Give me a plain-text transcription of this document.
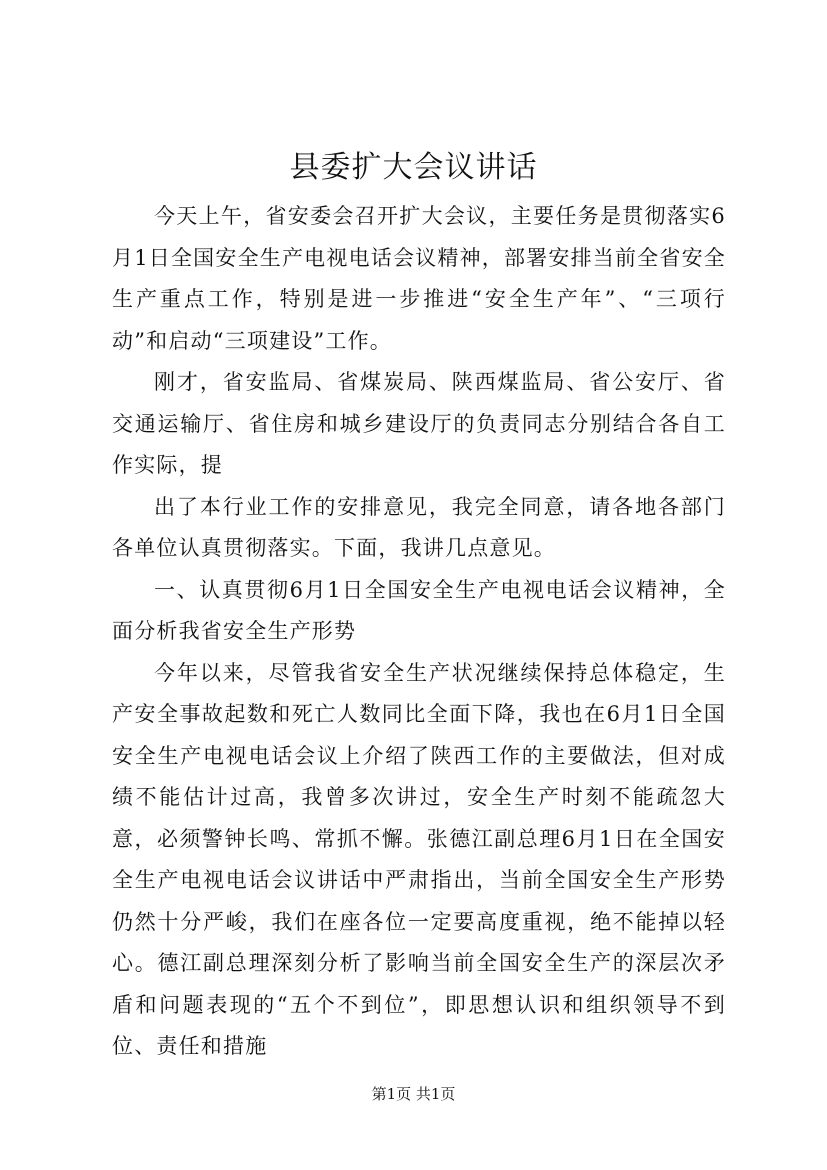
县委扩大会议讲话

今天上午，省安委会召开扩大会议，主要任务是贯彻落实6月1日全国安全生产电视电话会议精神，部署安排当前全省安全生产重点工作，特别是进一步推进“安全生产年”、“三项行动”和启动“三项建设”工作。

刚才，省安监局、省煤炭局、陕西煤监局、省公安厅、省交通运输厅、省住房和城乡建设厅的负责同志分别结合各自工作实际，提

出了本行业工作的安排意见，我完全同意，请各地各部门各单位认真贯彻落实。下面，我讲几点意见。

一、认真贯彻6月1日全国安全生产电视电话会议精神，全面分析我省安全生产形势

今年以来，尽管我省安全生产状况继续保持总体稳定，生产安全事故起数和死亡人数同比全面下降，我也在6月1日全国安全生产电视电话会议上介绍了陕西工作的主要做法，但对成绩不能估计过高，我曾多次讲过，安全生产时刻不能疏忽大意，必须警钟长鸣、常抓不懈。张德江副总理6月1日在全国安全生产电视电话会议讲话中严肃指出，当前全国安全生产形势仍然十分严峻，我们在座各位一定要高度重视，绝不能掉以轻心。德江副总理深刻分析了影响当前全国安全生产的深层次矛盾和问题表现的“五个不到位”，即思想认识和组织领导不到位、责任和措施

第1页 共1页
